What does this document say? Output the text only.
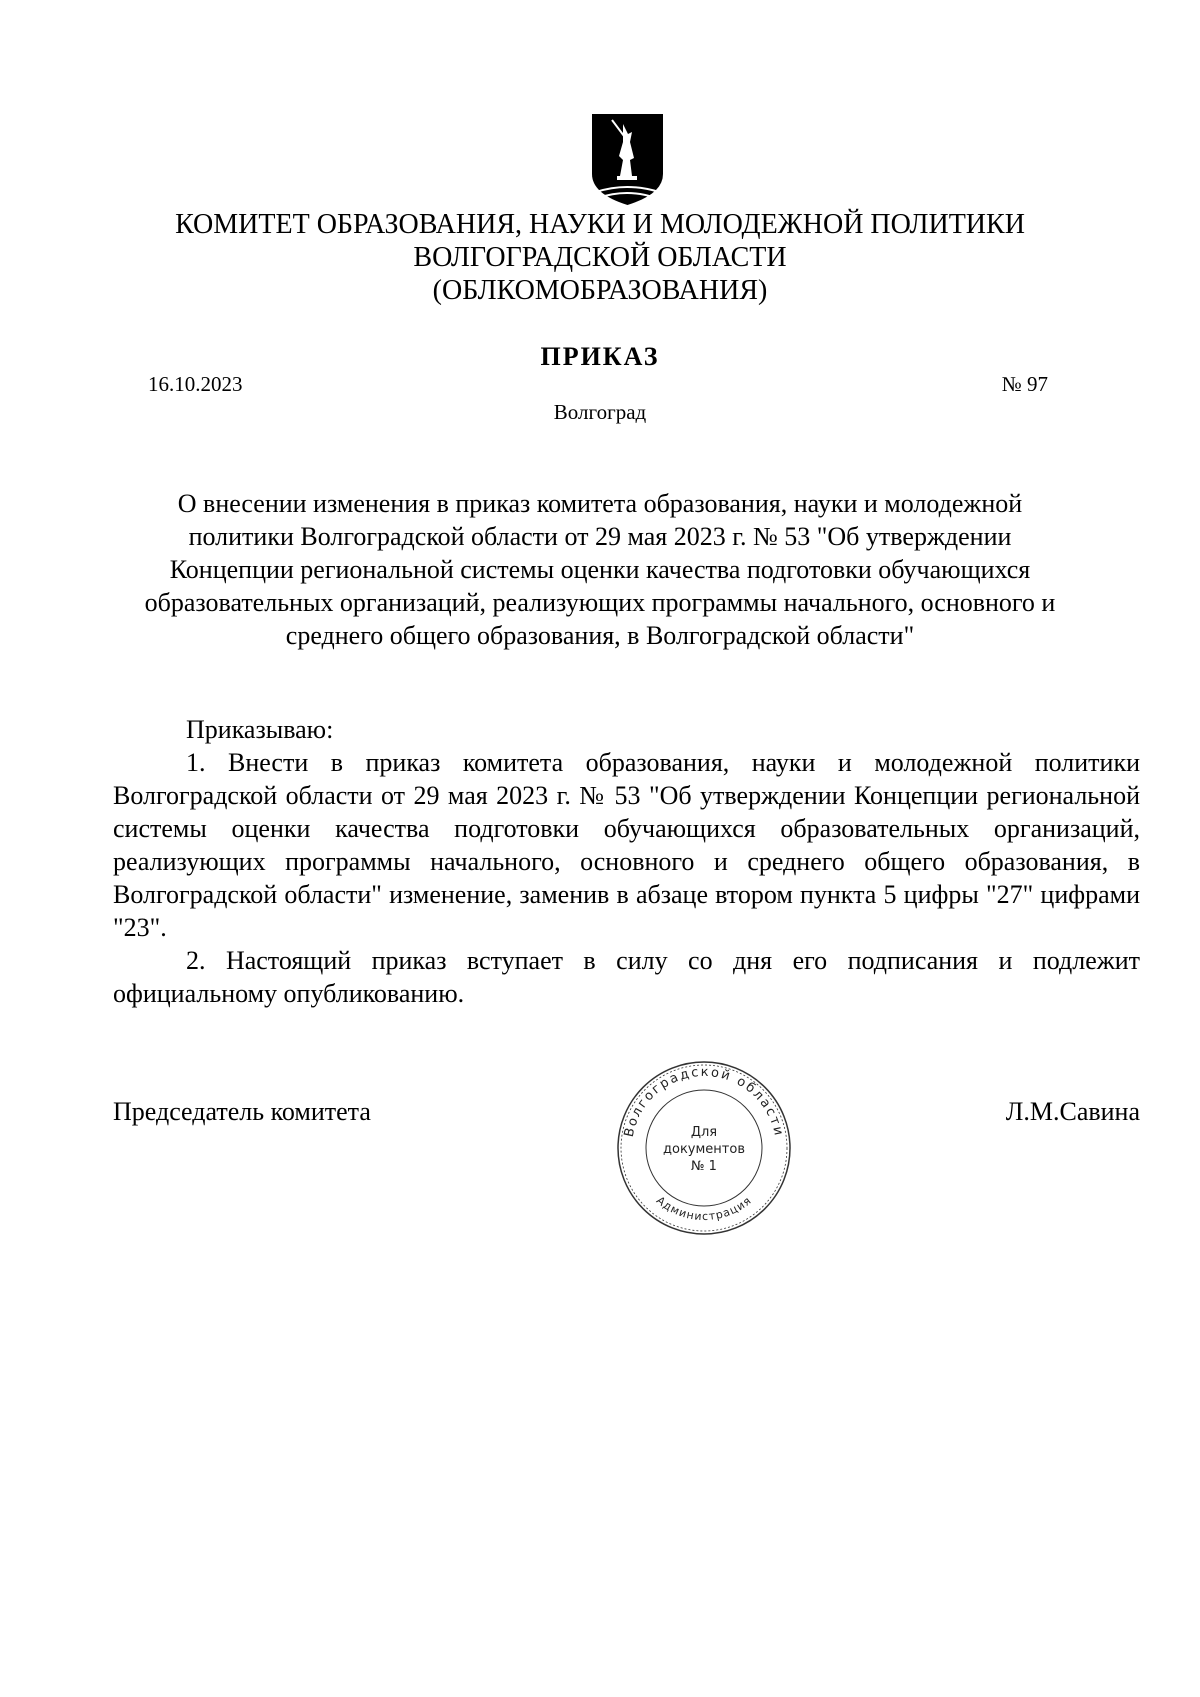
КОМИТЕТ ОБРАЗОВАНИЯ, НАУКИ И МОЛОДЕЖНОЙ ПОЛИТИКИ
ВОЛГОГРАДСКОЙ ОБЛАСТИ
(ОБЛКОМОБРАЗОВАНИЯ)
ПРИКАЗ
16.10.2023	№ 97
Волгоград
О внесении изменения в приказ комитета образования, науки и молодежной политики Волгоградской области от 29 мая 2023 г. № 53 "Об утверждении Концепции региональной системы оценки качества подготовки обучающихся образовательных организаций, реализующих программы начального, основного и среднего общего образования, в Волгоградской области"

Приказываю:

1. Внести в приказ комитета образования, науки и молодежной политики Волгоградской области от 29 мая 2023 г. № 53 "Об утверждении Концепции региональной системы оценки качества подготовки обучающихся образовательных организаций, реализующих программы начального, основного и среднего общего образования, в Волгоградской области" изменение, заменив в абзаце втором пункта 5 цифры "27" цифрами "23".

2. Настоящий приказ вступает в силу со дня его подписания и подлежит официальному опубликованию.

Председатель комитета	Л.М.Савина
Волгоградской области
Администрация
Для
документов
№ 1
